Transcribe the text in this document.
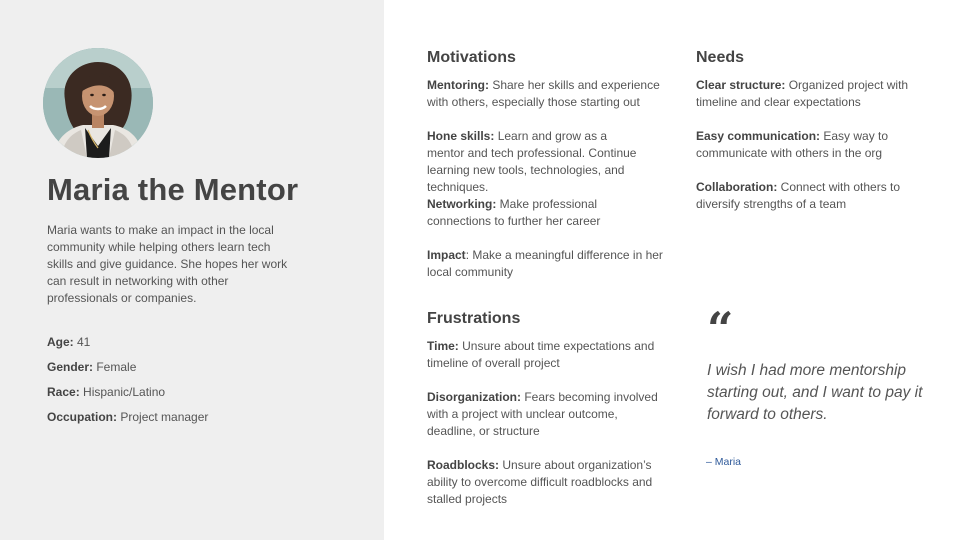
Maria the Mentor

Maria wants to make an impact in the local community while helping others learn tech skills and give guidance. She hopes her work can result in networking with other professionals or companies.

Age: 41
Gender: Female
Race: Hispanic/Latino
Occupation: Project manager
Motivations

Mentoring: Share her skills and experience with others, especially those starting out

Hone skills: Learn and grow as a mentor and tech professional. Continue learning new tools, technologies, and techniques.

Networking: Make professional connections to further her career

Impact: Make a meaningful difference in her local community

Needs

Clear structure: Organized project with timeline and clear expectations

Easy communication: Easy way to communicate with others in the org

Collaboration: Connect with others to diversify strengths of a team

Frustrations

Time: Unsure about time expectations and timeline of overall project

Disorganization: Fears becoming involved with a project with unclear outcome, deadline, or structure

Roadblocks: Unsure about organization’s ability to overcome difficult roadblocks and stalled projects

“

I wish I had more mentorship starting out, and I want to pay it forward to others.

– Maria
